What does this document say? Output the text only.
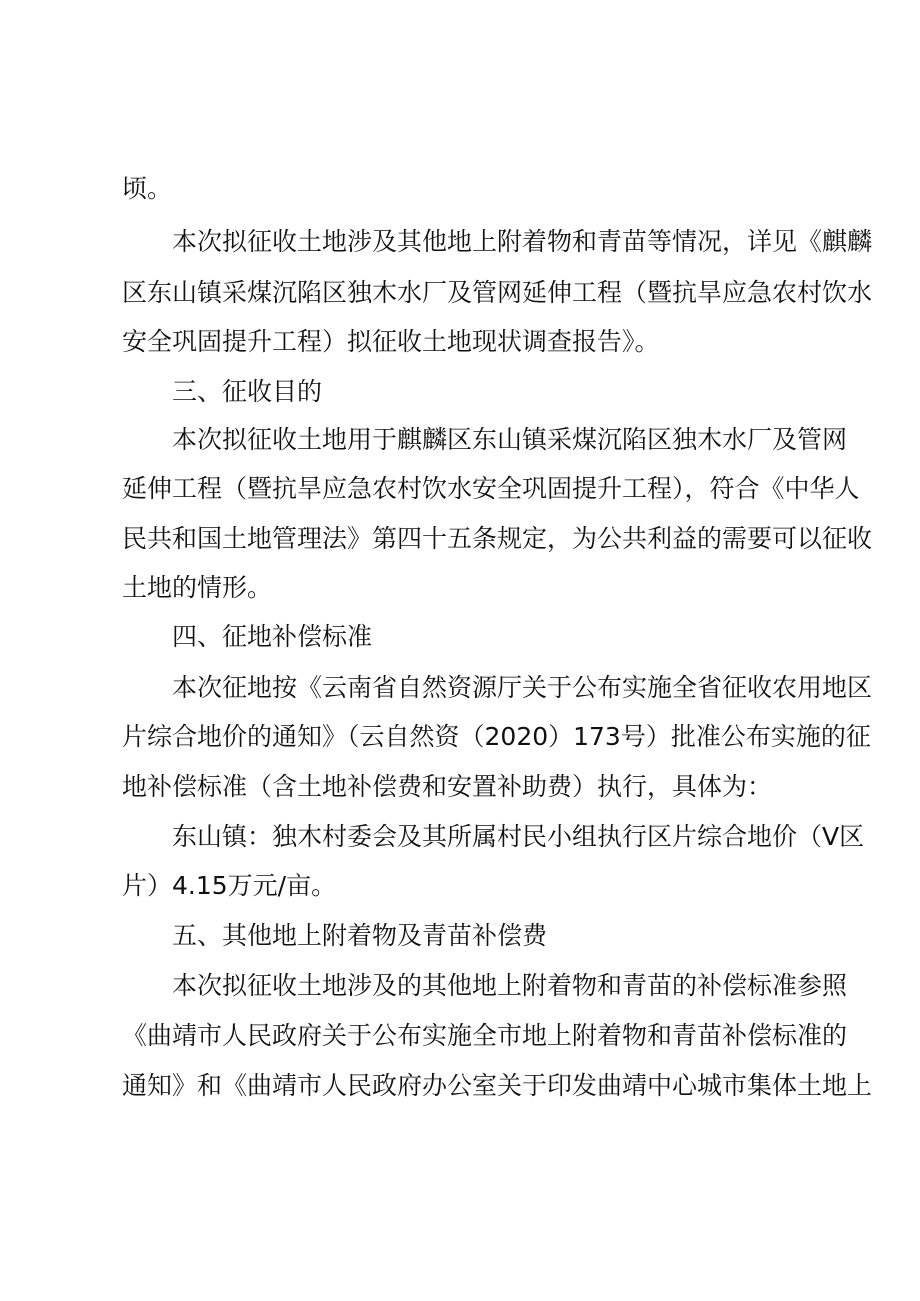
顷。
本次拟征收土地涉及其他地上附着物和青苗等情况，详见《麒麟
区东山镇采煤沉陷区独木水厂及管网延伸工程（暨抗旱应急农村饮水
安全巩固提升工程）拟征收土地现状调查报告》。
三、征收目的
本次拟征收土地用于麒麟区东山镇采煤沉陷区独木水厂及管网
延伸工程（暨抗旱应急农村饮水安全巩固提升工程），符合《中华人
民共和国土地管理法》第四十五条规定，为公共利益的需要可以征收
土地的情形。
四、征地补偿标准
本次征地按《云南省自然资源厅关于公布实施全省征收农用地区
片综合地价的通知》（云自然资（2020）173号）批准公布实施的征
地补偿标准（含土地补偿费和安置补助费）执行，具体为：
东山镇：独木村委会及其所属村民小组执行区片综合地价（V区
片）4.15万元/亩。
五、其他地上附着物及青苗补偿费
本次拟征收土地涉及的其他地上附着物和青苗的补偿标准参照
《曲靖市人民政府关于公布实施全市地上附着物和青苗补偿标准的
通知》和《曲靖市人民政府办公室关于印发曲靖中心城市集体土地上
